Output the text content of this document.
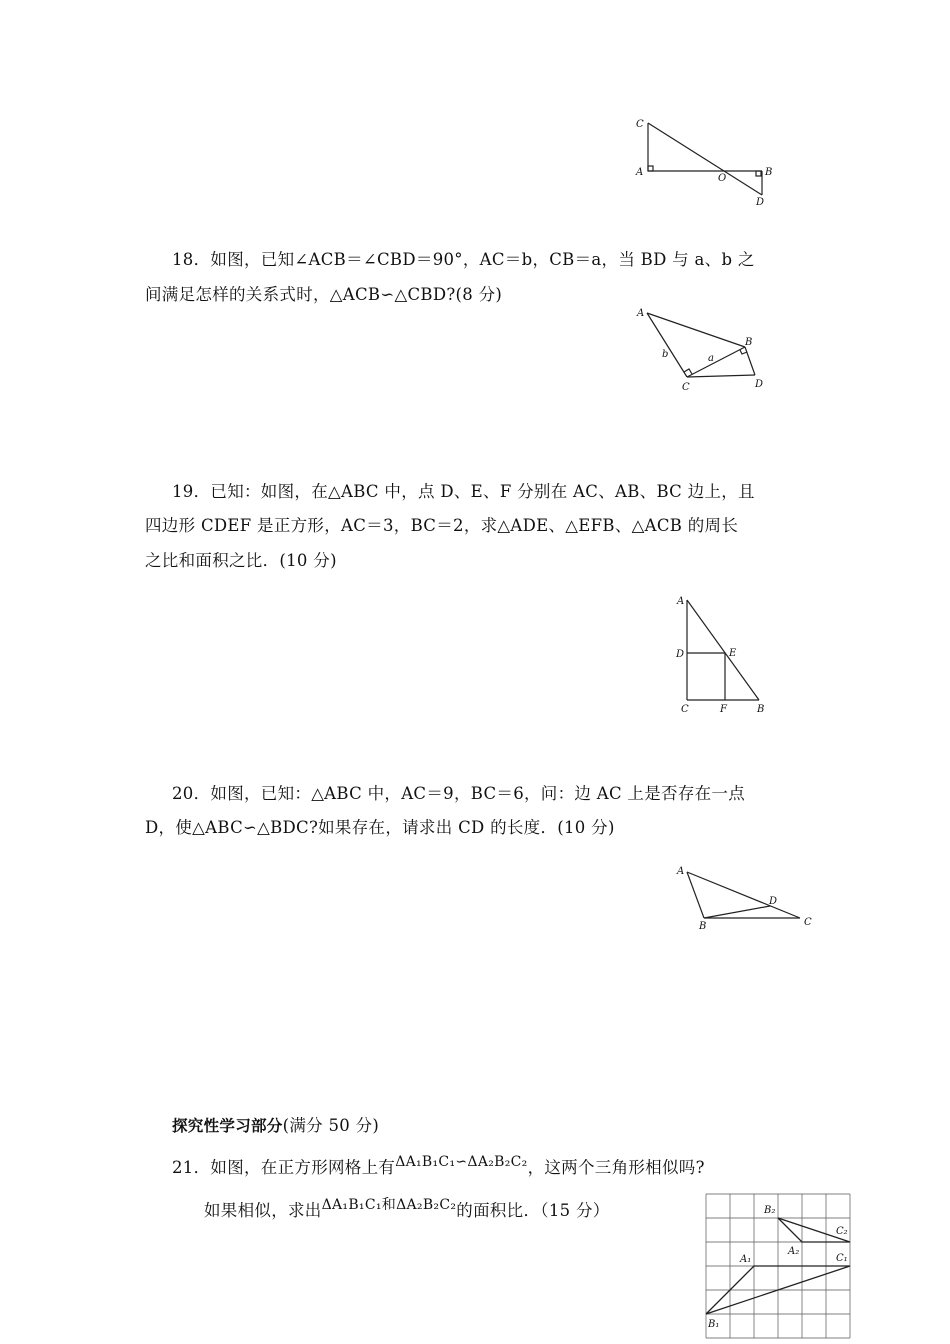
C
A
O
B
D
18．如图，已知∠ACB＝∠CBD＝90°，AC＝b，CB＝a，当 BD 与 a、b 之
间满足怎样的关系式时，△ACB∽△CBD?(8 分)
A
B
C	D
b	a
19．已知：如图，在△ABC 中，点 D、E、F 分别在 AC、AB、BC 边上，且
四边形 CDEF 是正方形，AC＝3，BC＝2，求△ADE、△EFB、△ACB 的周长
之比和面积之比．(10 分)
A
D	E
C	F	B
20．如图，已知：△ABC 中，AC＝9，BC＝6，问：边 AC 上是否存在一点
D，使△ABC∽△BDC?如果存在，请求出 CD 的长度．(10 分)
A
D
B	C
探究性学习部分(满分 50 分)
21．如图，在正方形网格上有$^{\Delta A_1B_1C_1∽\Delta A_2B_2C_2}$，这两个三角形相似吗?
如果相似，求出$^{\Delta A_1B_1C_1和\Delta A_2B_2C_2}$的面积比．（15 分）	B₂
C₂
A₂
A₁	C₁
B₁
